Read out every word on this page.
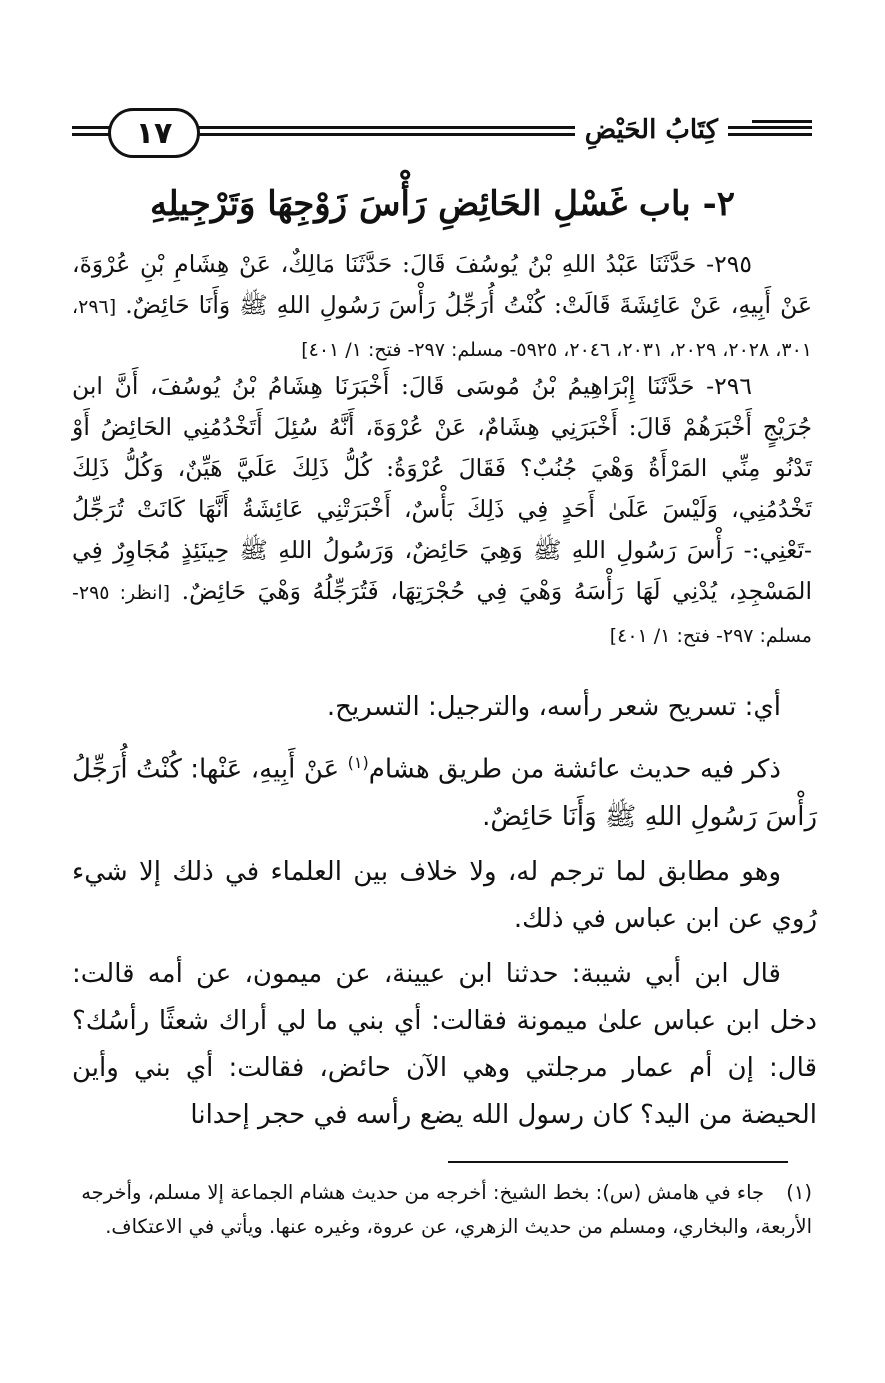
١٧	كِتَابُ الحَيْضِ
٢- باب غَسْلِ الحَائِضِ رَأْسَ زَوْجِهَا وَتَرْجِيلِهِ

٢٩٥- حَدَّثَنَا عَبْدُ اللهِ بْنُ يُوسُفَ قَالَ: حَدَّثَنَا مَالِكٌ، عَنْ هِشَامِ بْنِ عُرْوَةَ، عَنْ أَبِيهِ، عَنْ عَائِشَةَ قَالَتْ: كُنْتُ أُرَجِّلُ رَأْسَ رَسُولِ اللهِ ﷺ وَأَنَا حَائِضٌ. [٢٩٦، ٣٠١، ٢٠٢٨، ٢٠٢٩، ٢٠٣١، ٢٠٤٦، ٥٩٢٥- مسلم: ٢٩٧- فتح: ١/ ٤٠١]

٢٩٦- حَدَّثَنَا إِبْرَاهِيمُ بْنُ مُوسَى قَالَ: أَخْبَرَنَا هِشَامُ بْنُ يُوسُفَ، أَنَّ ابن جُرَيْجٍ أَخْبَرَهُمْ قَالَ: أَخْبَرَنِي هِشَامٌ، عَنْ عُرْوَةَ، أَنَّهُ سُئِلَ أَتَخْدُمُنِي الحَائِضُ أَوْ تَدْنُو مِنِّي المَرْأَةُ وَهْيَ جُنُبٌ؟ فَقَالَ عُرْوَةُ: كُلُّ ذَلِكَ عَلَيَّ هَيِّنٌ، وَكُلُّ ذَلِكَ تَخْدُمُنِي، وَلَيْسَ عَلَىٰ أَحَدٍ فِي ذَلِكَ بَأْسٌ، أَخْبَرَتْنِي عَائِشَةُ أَنَّهَا كَانَتْ تُرَجِّلُ -تَعْنِي:- رَأْسَ رَسُولِ اللهِ ﷺ وَهِيَ حَائِضٌ، وَرَسُولُ اللهِ ﷺ حِينَئِذٍ مُجَاوِرٌ فِي المَسْجِدِ، يُدْنِي لَهَا رَأْسَهُ وَهْيَ فِي حُجْرَتِهَا، فَتُرَجِّلُهُ وَهْيَ حَائِضٌ. [انظر: ٢٩٥- مسلم: ٢٩٧- فتح: ١/ ٤٠١]

أي: تسريح شعر رأسه، والترجيل: التسريح.

ذكر فيه حديث عائشة من طريق هشام$^{(١)}$ عَنْ أَبِيهِ، عَنْها: كُنْتُ أُرَجِّلُ رَأْسَ رَسُولِ اللهِ ﷺ وَأَنَا حَائِضٌ.

وهو مطابق لما ترجم له، ولا خلاف بين العلماء في ذلك إلا شيء رُوي عن ابن عباس في ذلك.

قال ابن أبي شيبة: حدثنا ابن عيينة، عن ميمون، عن أمه قالت: دخل ابن عباس علىٰ ميمونة فقالت: أي بني ما لي أراك شعثًا رأسُك؟ قال: إن أم عمار مرجلتي وهي الآن حائض، فقالت: أي بني وأين الحيضة من اليد؟ كان رسول الله يضع رأسه في حجر إحدانا

(١) جاء في هامش (س): بخط الشيخ: أخرجه من حديث هشام الجماعة إلا مسلم، وأخرجه الأربعة، والبخاري، ومسلم من حديث الزهري، عن عروة، وغيره عنها. ويأتي في الاعتكاف.
